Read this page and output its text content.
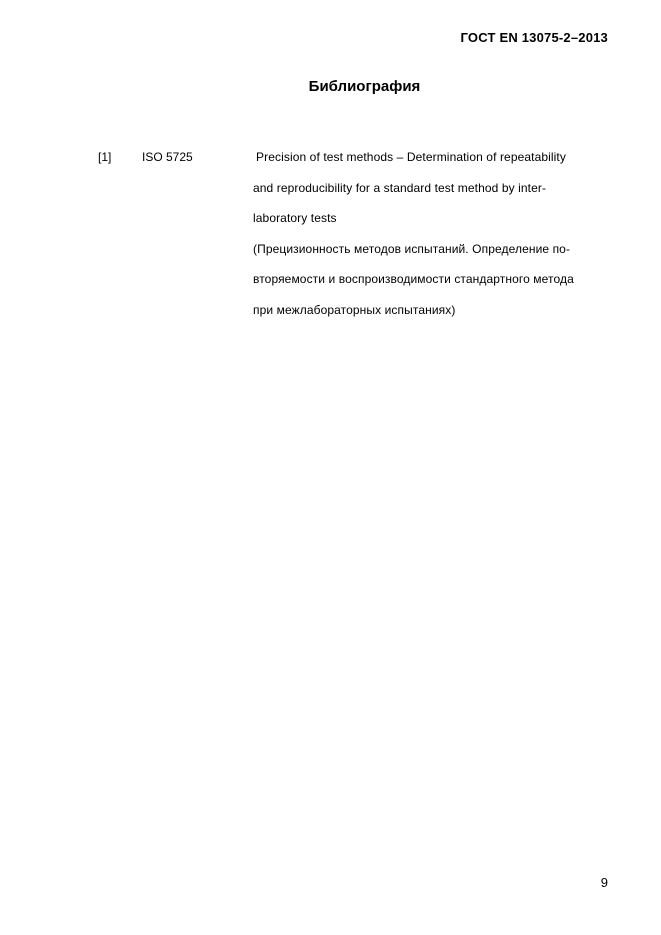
ГОСТ EN 13075-2–2013
Библиография
[1]	ISO 5725	Precision of test methods – Determination of repeatability
and reproducibility for a standard test method by inter-
laboratory tests
(Прецизионность методов испытаний. Определение по-
вторяемости и воспроизводимости стандартного метода
при межлабораторных испытаниях)
9
